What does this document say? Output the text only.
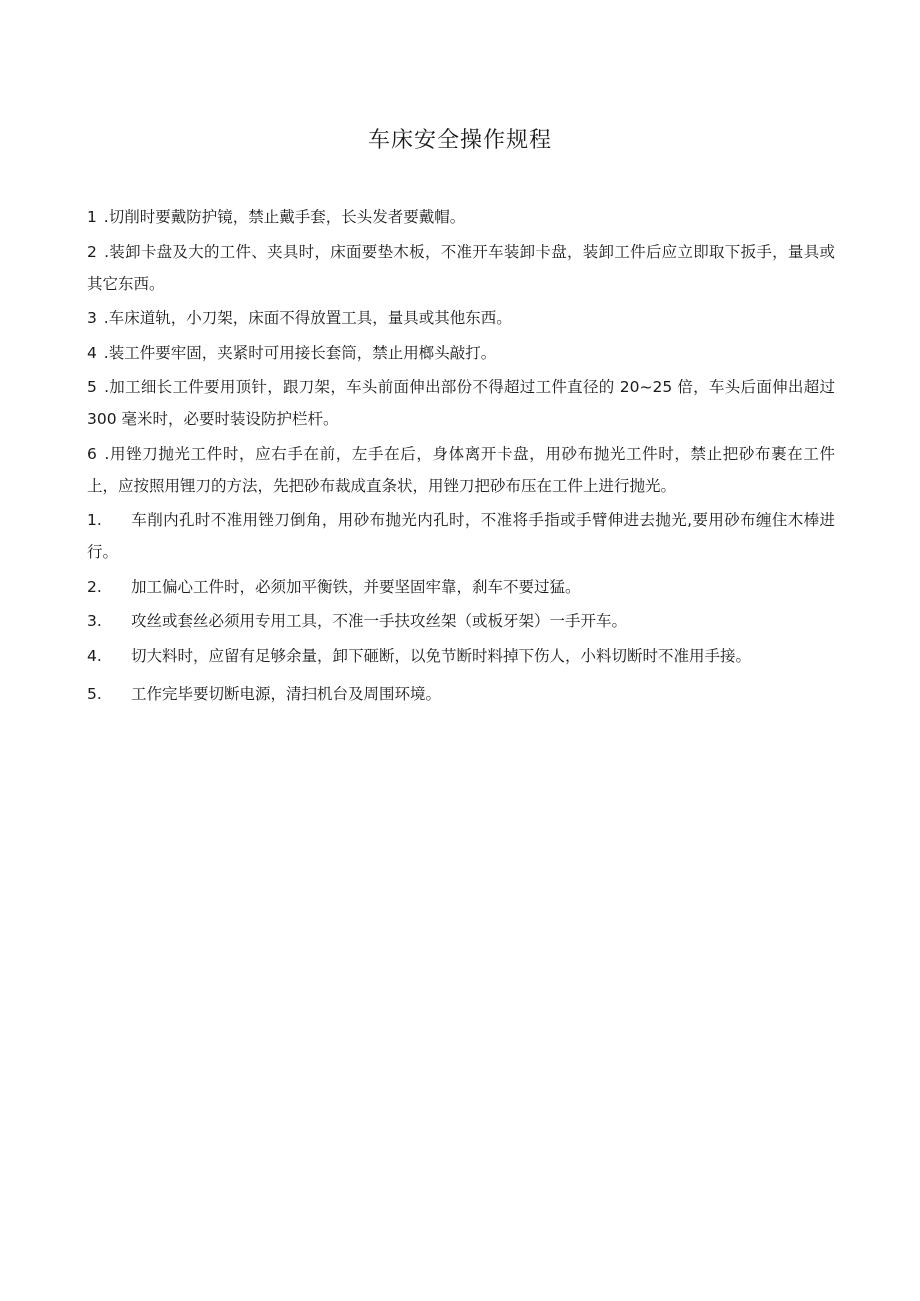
车床安全操作规程

1 .切削时要戴防护镜，禁止戴手套，长头发者要戴帽。

2 .装卸卡盘及大的工件、夹具时，床面要垫木板，不准开车装卸卡盘，装卸工件后应立即取下扳手，量具或其它东西。

3 .车床道轨，小刀架，床面不得放置工具，量具或其他东西。

4 .装工件要牢固，夹紧时可用接长套筒，禁止用榔头敲打。

5 .加工细长工件要用顶针，跟刀架，车头前面伸出部份不得超过工件直径的 20~25 倍，车头后面伸出超过 300 毫米时，必要时装设防护栏杆。

6 .用锉刀抛光工件时，应右手在前，左手在后，身体离开卡盘，用砂布抛光工件时，禁止把砂布裹在工件上，应按照用锂刀的方法，先把砂布裁成直条状，用锉刀把砂布压在工件上进行抛光。

1. 车削内孔时不准用锉刀倒角，用砂布抛光内孔时，不准将手指或手臂伸进去抛光,要用砂布缠住木棒进行。

2. 加工偏心工件时，必须加平衡铁，并要坚固牢靠，刹车不要过猛。

3. 攻丝或套丝必须用专用工具，不准一手扶攻丝架（或板牙架）一手开车。

4. 切大料时，应留有足够余量，卸下砸断，以免节断时料掉下伤人，小料切断时不准用手接。

5. 工作完毕要切断电源，清扫机台及周围环境。
